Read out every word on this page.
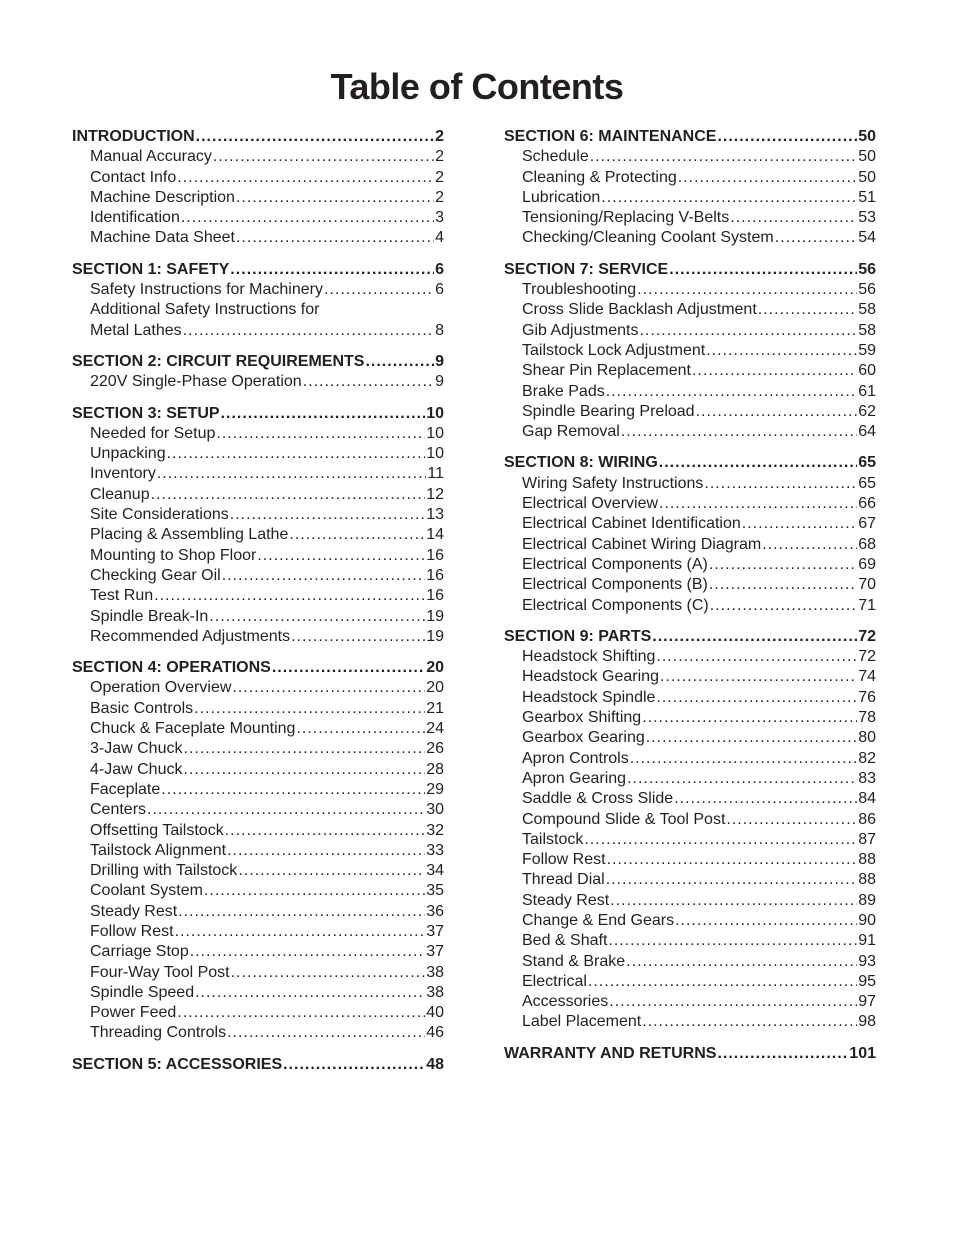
Table of Contents
INTRODUCTION .....	2
Manual Accuracy .....	2
Contact Info .....	2
Machine Description .....	2
Identification .....	3
Machine Data Sheet .....	4
SECTION 1: SAFETY .....	6
Safety Instructions for Machinery .....	6
Additional Safety Instructions for
Metal Lathes .....	8
SECTION 2: CIRCUIT REQUIREMENTS .....	9
220V Single-Phase Operation .....	9
SECTION 3: SETUP .....	10
Needed for Setup .....	10
Unpacking .....	10
Inventory .....	11
Cleanup .....	12
Site Considerations .....	13
Placing & Assembling Lathe .....	14
Mounting to Shop Floor .....	16
Checking Gear Oil .....	16
Test Run .....	16
Spindle Break-In .....	19
Recommended Adjustments .....	19
SECTION 4: OPERATIONS .....	20
Operation Overview .....	20
Basic Controls .....	21
Chuck & Faceplate Mounting .....	24
3-Jaw Chuck .....	26
4-Jaw Chuck .....	28
Faceplate .....	29
Centers .....	30
Offsetting Tailstock .....	32
Tailstock Alignment .....	33
Drilling with Tailstock .....	34
Coolant System .....	35
Steady Rest .....	36
Follow Rest .....	37
Carriage Stop .....	37
Four-Way Tool Post .....	38
Spindle Speed .....	38
Power Feed .....	40
Threading Controls .....	46
SECTION 5: ACCESSORIES .....	48
SECTION 6: MAINTENANCE .....	50
Schedule .....	50
Cleaning & Protecting .....	50
Lubrication .....	51
Tensioning/Replacing V-Belts .....	53
Checking/Cleaning Coolant System .....	54
SECTION 7: SERVICE .....	56
Troubleshooting .....	56
Cross Slide Backlash Adjustment .....	58
Gib Adjustments .....	58
Tailstock Lock Adjustment .....	59
Shear Pin Replacement .....	60
Brake Pads .....	61
Spindle Bearing Preload .....	62
Gap Removal .....	64
SECTION 8: WIRING .....	65
Wiring Safety Instructions .....	65
Electrical Overview .....	66
Electrical Cabinet Identification .....	67
Electrical Cabinet Wiring Diagram .....	68
Electrical Components (A) .....	69
Electrical Components (B) .....	70
Electrical Components (C) .....	71
SECTION 9: PARTS .....	72
Headstock Shifting .....	72
Headstock Gearing .....	74
Headstock Spindle .....	76
Gearbox Shifting .....	78
Gearbox Gearing .....	80
Apron Controls .....	82
Apron Gearing .....	83
Saddle & Cross Slide .....	84
Compound Slide & Tool Post .....	86
Tailstock .....	87
Follow Rest .....	88
Thread Dial .....	88
Steady Rest .....	89
Change & End Gears .....	90
Bed & Shaft .....	91
Stand & Brake .....	93
Electrical .....	95
Accessories .....	97
Label Placement .....	98
WARRANTY AND RETURNS .....	101
